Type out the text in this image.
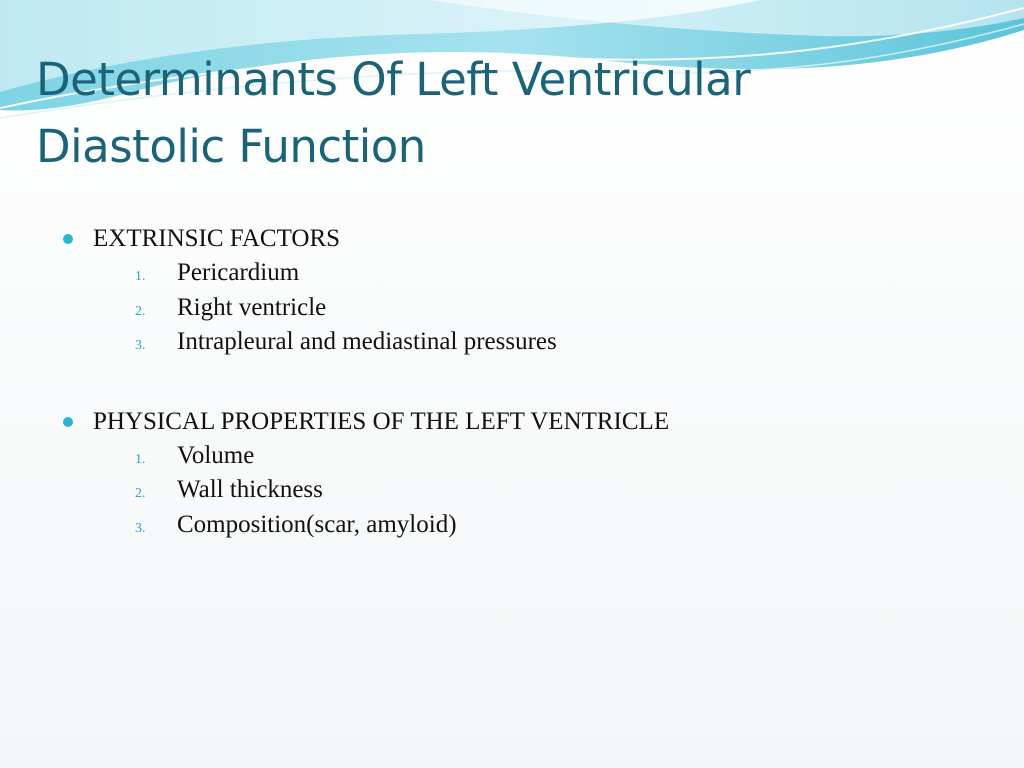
Determinants Of Left Ventricular
Diastolic Function
EXTRINSIC FACTORS
1. Pericardium
2. Right ventricle
3. Intrapleural and mediastinal pressures
PHYSICAL PROPERTIES OF THE LEFT VENTRICLE
1. Volume
2. Wall thickness
3. Composition(scar, amyloid)
